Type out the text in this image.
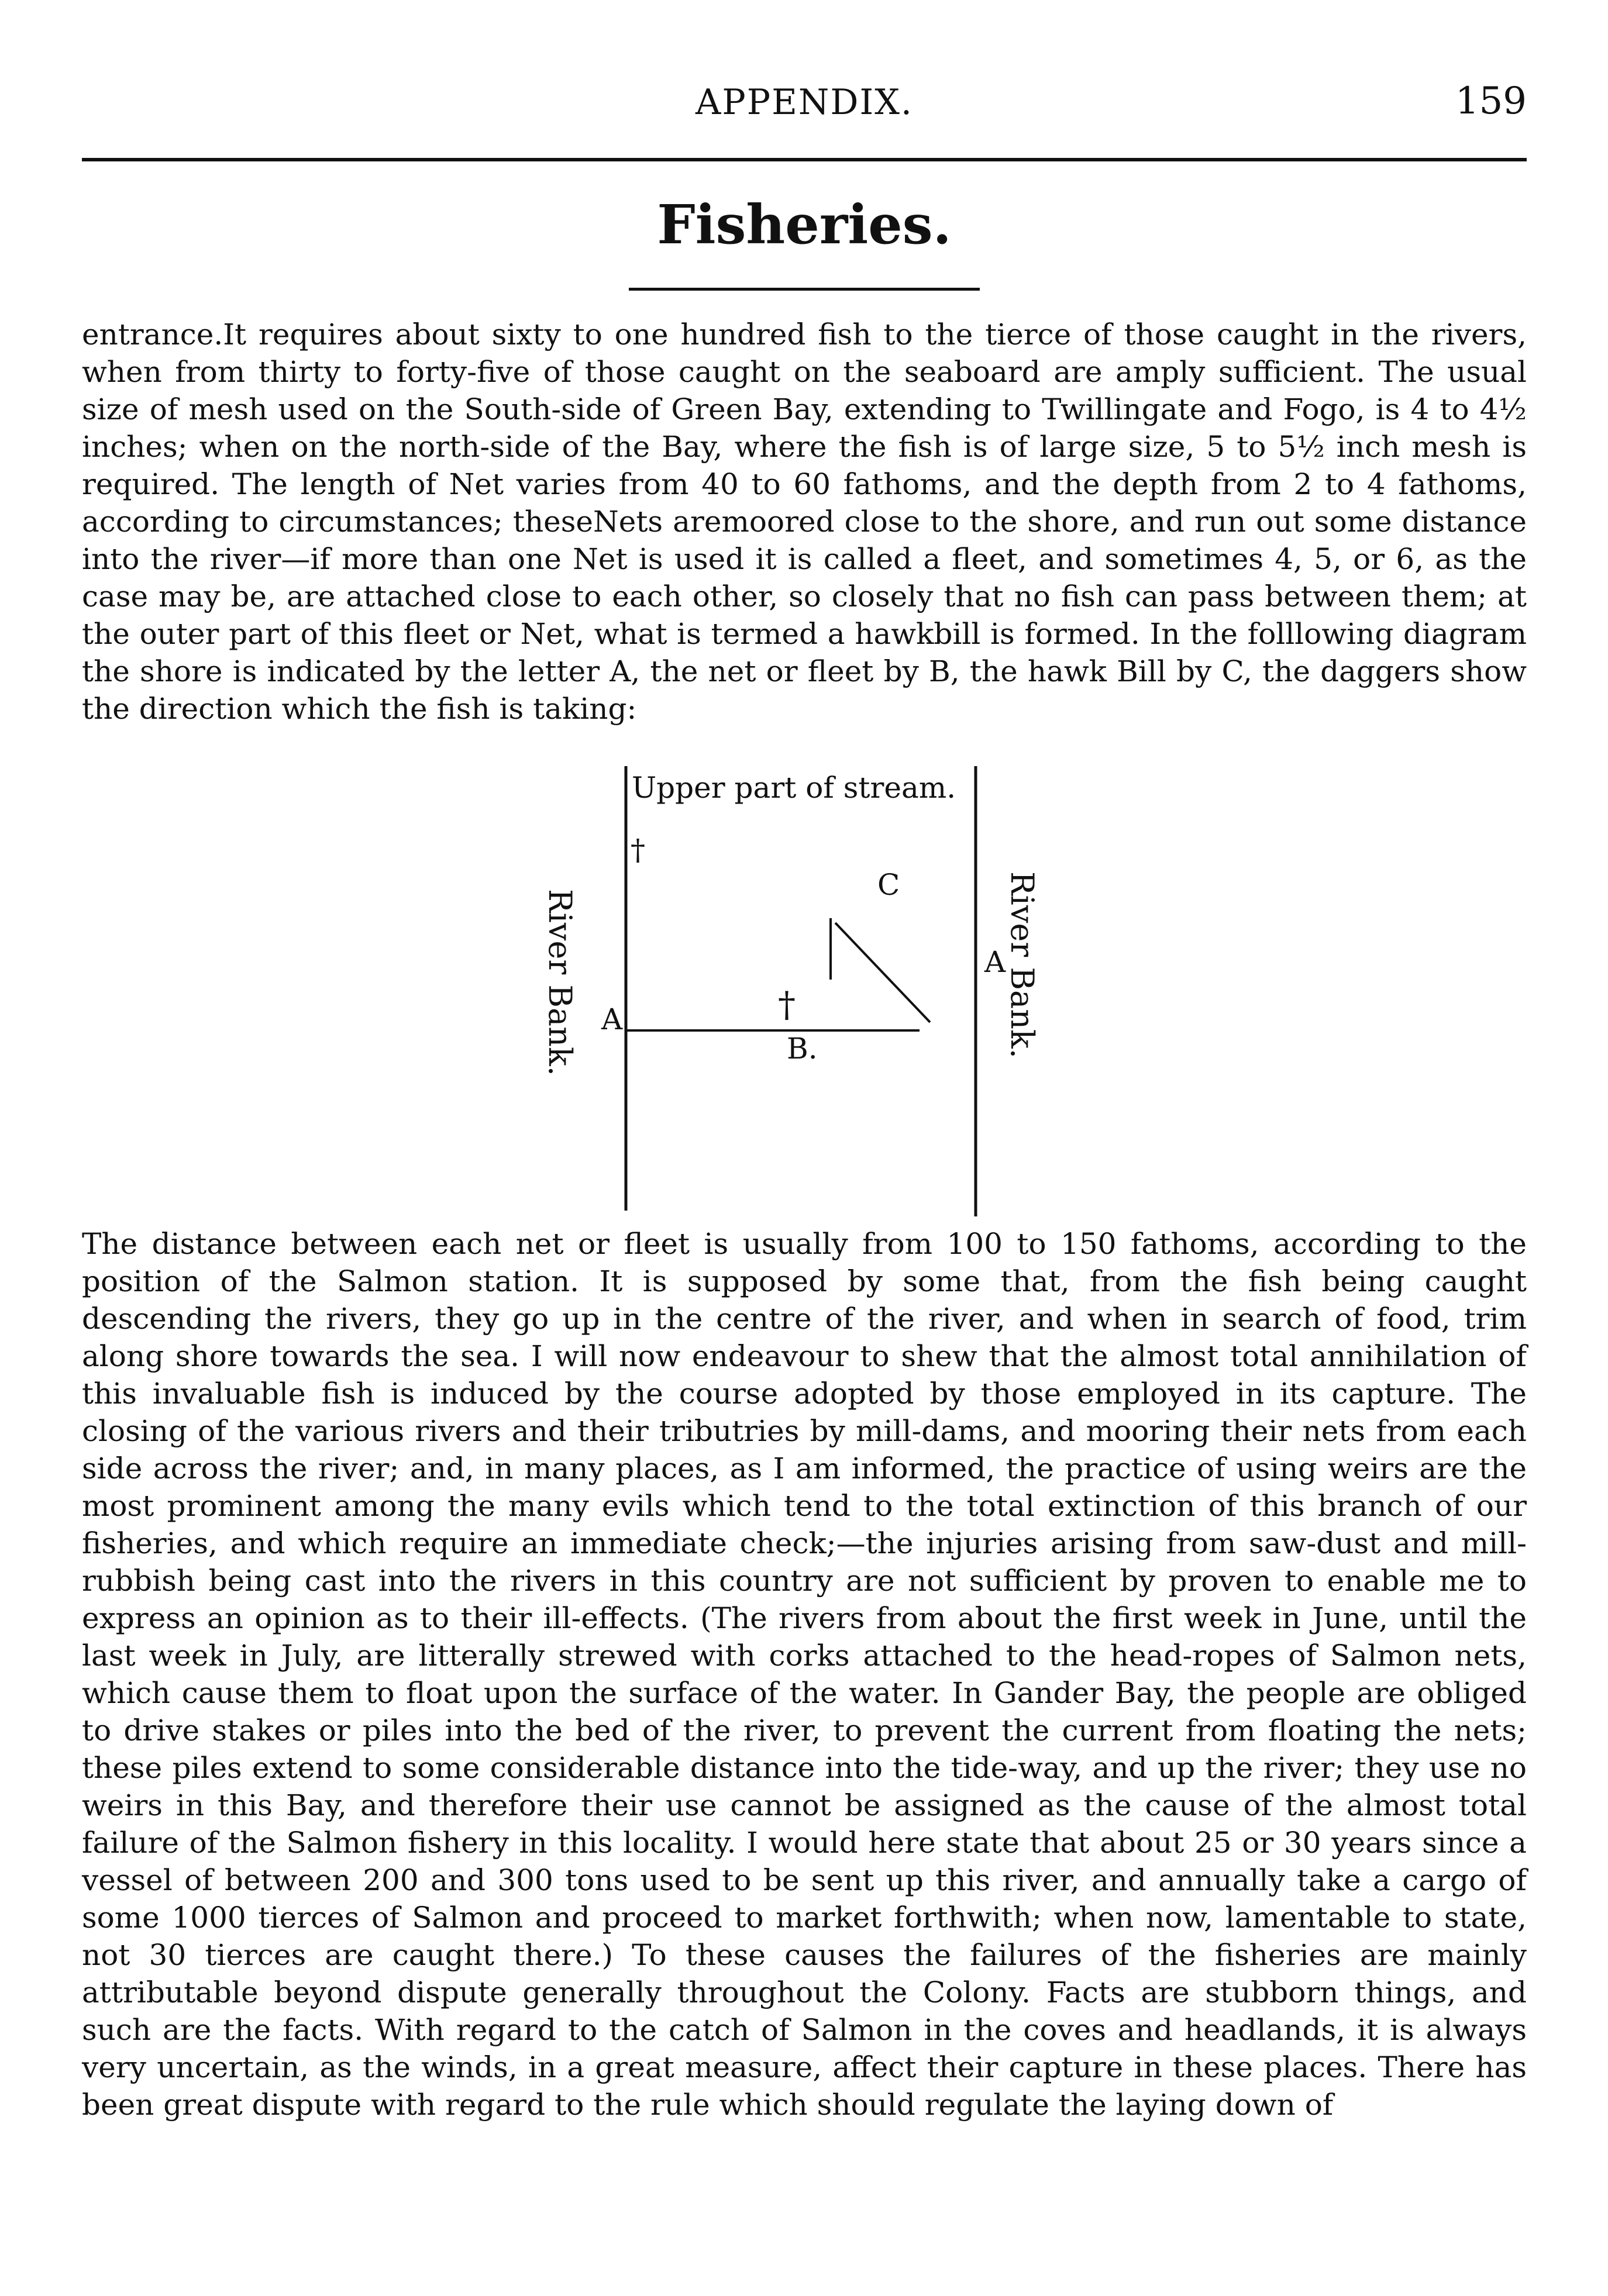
APPENDIX.	159
Fisheries.

entrance.It requires about sixty to one hundred fish to the tierce of those caught in the rivers, when from thirty to forty-five of those caught on the seaboard are amply sufficient. The usual size of mesh used on the South-side of Green Bay, extending to Twillingate and Fogo, is 4 to 4½ inches; when on the north-side of the Bay, where the fish is of large size, 5 to 5½ inch mesh is required. The length of Net varies from 40 to 60 fathoms, and the depth from 2 to 4 fathoms, according to circumstances; theseNets aremoored close to the shore, and run out some distance into the river—if more than one Net is used it is called a fleet, and sometimes 4, 5, or 6, as the case may be, are attached close to each other, so closely that no fish can pass between them; at the outer part of this fleet or Net, what is termed a hawkbill is formed. In the folllowing diagram the shore is indicated by the letter A, the net or fleet by B, the hawk Bill by C, the daggers show the direction which the fish is taking:

Upper part of stream.
River Bank.	River Bank.
A
A
B.
C
†
†

The distance between each net or fleet is usually from 100 to 150 fathoms, according to the position of the Salmon station. It is supposed by some that, from the fish being caught descending the rivers, they go up in the centre of the river, and when in search of food, trim along shore towards the sea. I will now endeavour to shew that the almost total annihilation of this invaluable fish is induced by the course adopted by those employed in its capture. The closing of the various rivers and their tributries by mill-dams, and mooring their nets from each side across the river; and, in many places, as I am informed, the practice of using weirs are the most prominent among the many evils which tend to the total extinction of this branch of our fisheries, and which require an immediate check;—the injuries arising from saw-dust and mill-rubbish being cast into the rivers in this country are not sufficient by proven to enable me to express an opinion as to their ill-effects. (The rivers from about the first week in June, until the last week in July, are litterally strewed with corks attached to the head-ropes of Salmon nets, which cause them to float upon the surface of the water. In Gander Bay, the people are obliged to drive stakes or piles into the bed of the river, to prevent the current from floating the nets; these piles extend to some considerable distance into the tide-way, and up the river; they use no weirs in this Bay, and therefore their use cannot be assigned as the cause of the almost total failure of the Salmon fishery in this locality. I would here state that about 25 or 30 years since a vessel of between 200 and 300 tons used to be sent up this river, and annually take a cargo of some 1000 tierces of Salmon and proceed to market forthwith; when now, lamentable to state, not 30 tierces are caught there.) To these causes the failures of the fisheries are mainly attributable beyond dispute generally throughout the Colony. Facts are stubborn things, and such are the facts. With regard to the catch of Salmon in the coves and headlands, it is always very uncertain, as the winds, in a great measure, affect their capture in these places. There has been great dispute with regard to the rule which should regulate the laying down of
